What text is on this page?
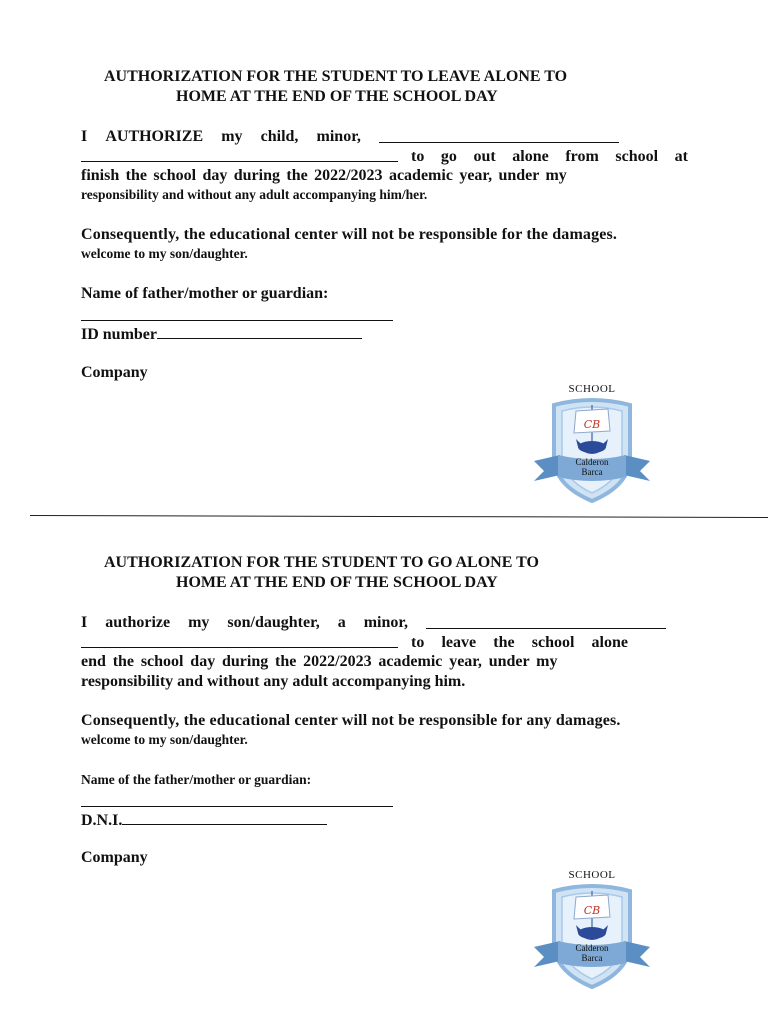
AUTHORIZATION FOR THE STUDENT TO LEAVE ALONE TO
HOME AT THE END OF THE SCHOOL DAY
I AUTHORIZE my child, minor,
to go out alone from school at
finish the school day during the 2022/2023 academic year, under my
responsibility and without any adult accompanying him/her.
Consequently, the educational center will not be responsible for the damages.
welcome to my son/daughter.
Name of father/mother or guardian:
ID number
Company
SCHOOL
CB
Calderon
Barca
AUTHORIZATION FOR THE STUDENT TO GO ALONE TO
HOME AT THE END OF THE SCHOOL DAY
I authorize my son/daughter, a minor,
to leave the school alone
end the school day during the 2022/2023 academic year, under my
responsibility and without any adult accompanying him.
Consequently, the educational center will not be responsible for any damages.
welcome to my son/daughter.
Name of the father/mother or guardian:
D.N.I.
Company
SCHOOL
CB
Calderon
Barca
